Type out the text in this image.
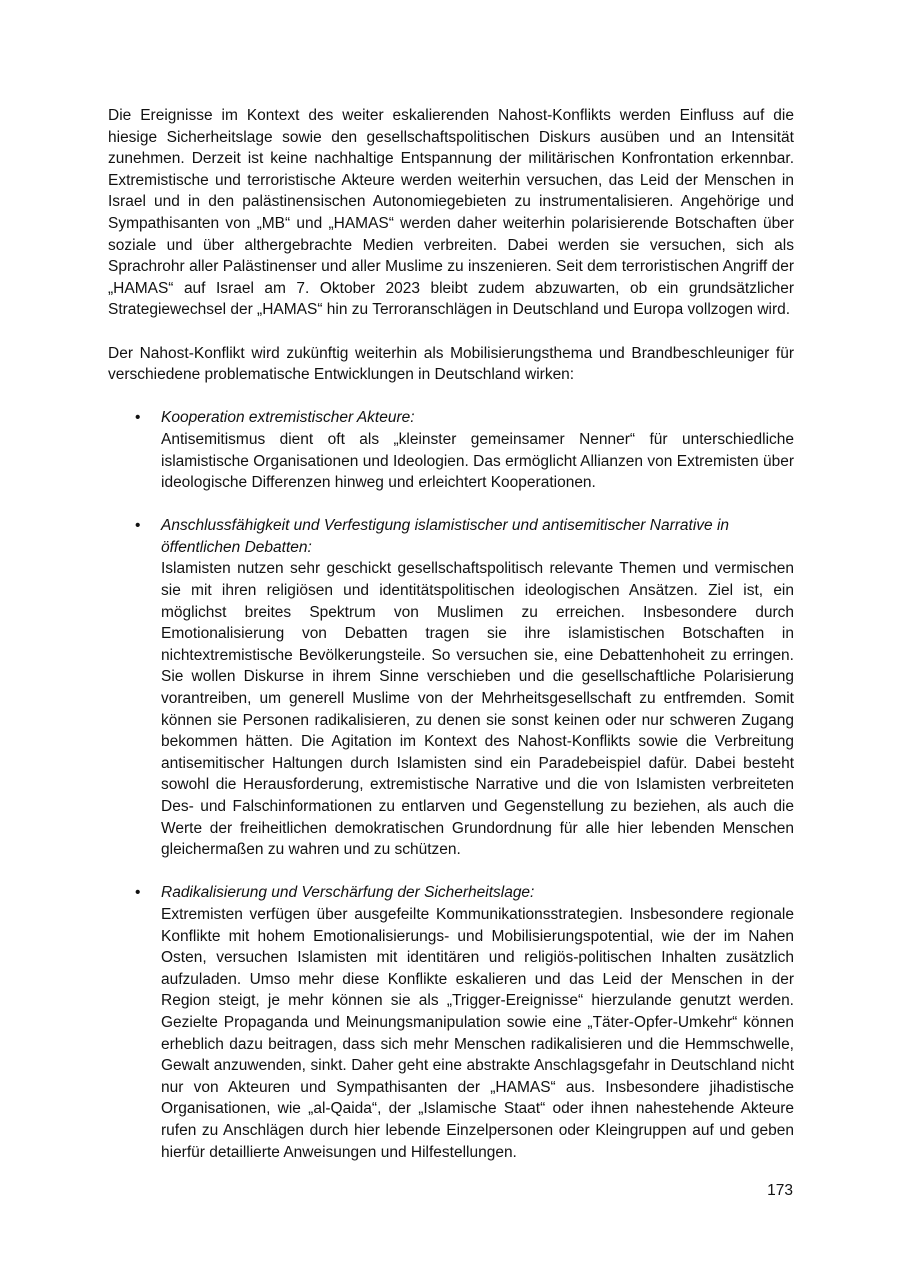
Die Ereignisse im Kontext des weiter eskalierenden Nahost-Konflikts werden Einfluss auf die hiesige Sicherheitslage sowie den gesellschaftspolitischen Diskurs ausüben und an Intensität zunehmen. Derzeit ist keine nachhaltige Entspannung der militärischen Konfrontation erkennbar. Extremistische und terroristische Akteure werden weiterhin versuchen, das Leid der Menschen in Israel und in den palästinensischen Autonomiegebieten zu instrumentalisieren. Angehörige und Sympathisanten von „MB“ und „HAMAS“ werden daher weiterhin polarisierende Botschaften über soziale und über althergebrachte Medien verbreiten. Dabei werden sie versuchen, sich als Sprachrohr aller Palästinenser und aller Muslime zu inszenieren. Seit dem terroristischen Angriff der „HAMAS“ auf Israel am 7. Oktober 2023 bleibt zudem abzuwarten, ob ein grundsätzlicher Strategiewechsel der „HAMAS“ hin zu Terroranschlägen in Deutschland und Europa vollzogen wird.

Der Nahost-Konflikt wird zukünftig weiterhin als Mobilisierungsthema und Brandbeschleuniger für verschiedene problematische Entwicklungen in Deutschland wirken:

• Kooperation extremistischer Akteure:

Antisemitismus dient oft als „kleinster gemeinsamer Nenner“ für unterschiedliche islamistische Organisationen und Ideologien. Das ermöglicht Allianzen von Extremisten über ideologische Differenzen hinweg und erleichtert Kooperationen.

• Anschlussfähigkeit und Verfestigung islamistischer und antisemitischer Narrative in öffentlichen Debatten:

Islamisten nutzen sehr geschickt gesellschaftspolitisch relevante Themen und vermischen sie mit ihren religiösen und identitätspolitischen ideologischen Ansätzen. Ziel ist, ein möglichst breites Spektrum von Muslimen zu erreichen. Insbesondere durch Emotionalisierung von Debatten tragen sie ihre islamistischen Botschaften in nichtextremistische Bevölkerungsteile. So versuchen sie, eine Debattenhoheit zu erringen. Sie wollen Diskurse in ihrem Sinne verschieben und die gesellschaftliche Polarisierung vorantreiben, um generell Muslime von der Mehrheitsgesellschaft zu entfremden. Somit können sie Personen radikalisieren, zu denen sie sonst keinen oder nur schweren Zugang bekommen hätten. Die Agitation im Kontext des Nahost-Konflikts sowie die Verbreitung antisemitischer Haltungen durch Islamisten sind ein Paradebeispiel dafür. Dabei besteht sowohl die Herausforderung, extremistische Narrative und die von Islamisten verbreiteten Des- und Falschinformationen zu entlarven und Gegenstellung zu beziehen, als auch die Werte der freiheitlichen demokratischen Grundordnung für alle hier lebenden Menschen gleichermaßen zu wahren und zu schützen.

• Radikalisierung und Verschärfung der Sicherheitslage:

Extremisten verfügen über ausgefeilte Kommunikationsstrategien. Insbesondere regionale Konflikte mit hohem Emotionalisierungs- und Mobilisierungspotential, wie der im Nahen Osten, versuchen Islamisten mit identitären und religiös-politischen Inhalten zusätzlich aufzuladen. Umso mehr diese Konflikte eskalieren und das Leid der Menschen in der Region steigt, je mehr können sie als „Trigger-Ereignisse“ hierzulande genutzt werden. Gezielte Propaganda und Meinungsmanipulation sowie eine „Täter-Opfer-Umkehr“ können erheblich dazu beitragen, dass sich mehr Menschen radikalisieren und die Hemmschwelle, Gewalt anzuwenden, sinkt. Daher geht eine abstrakte Anschlagsgefahr in Deutschland nicht nur von Akteuren und Sympathisanten der „HAMAS“ aus. Insbesondere jihadistische Organisationen, wie „al-Qaida“, der „Islamische Staat“ oder ihnen nahestehende Akteure rufen zu Anschlägen durch hier lebende Einzelpersonen oder Kleingruppen auf und geben hierfür detaillierte Anweisungen und Hilfestellungen.

173
